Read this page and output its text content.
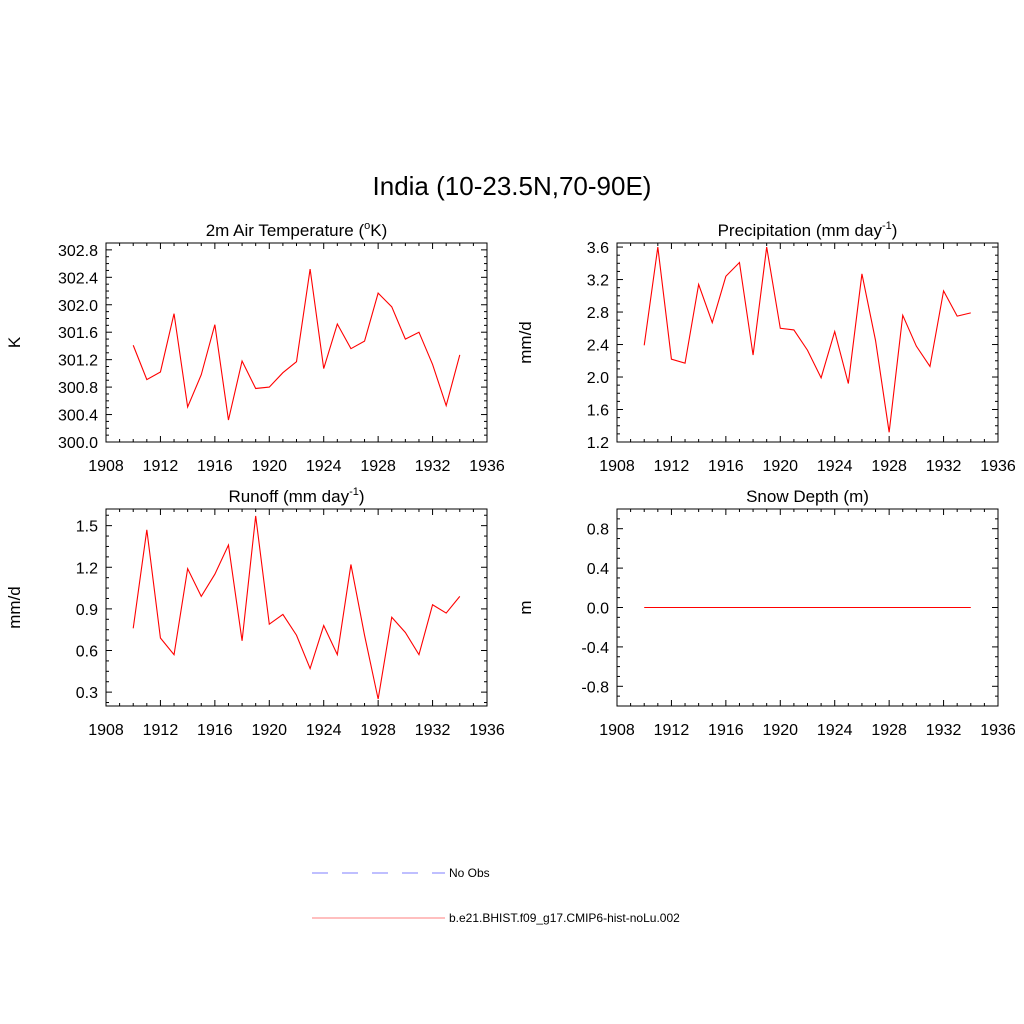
India (10-23.5N,70-90E)
1908 1912 1916 1920 1924 1928 1932 1936
300.0
300.4
300.8
301.2
301.6
302.0
302.4
302.8
K
2m Air Temperature ($^o$K)
1908 1912 1916 1920 1924 1928 1932 1936
1.2
1.6
2.0
2.4
2.8
3.2
3.6
mm/d
Precipitation (mm day$^{-1}$)
1908 1912 1916 1920 1924 1928 1932 1936
0.3
0.6
0.9
1.2
1.5
mm/d
Runoff (mm day$^{-1}$)
1908 1912 1916 1920 1924 1928 1932 1936
-0.8
-0.4
0.0
0.4
0.8
m
Snow Depth (m)
No Obs
b.e21.BHIST.f09_g17.CMIP6-hist-noLu.002
